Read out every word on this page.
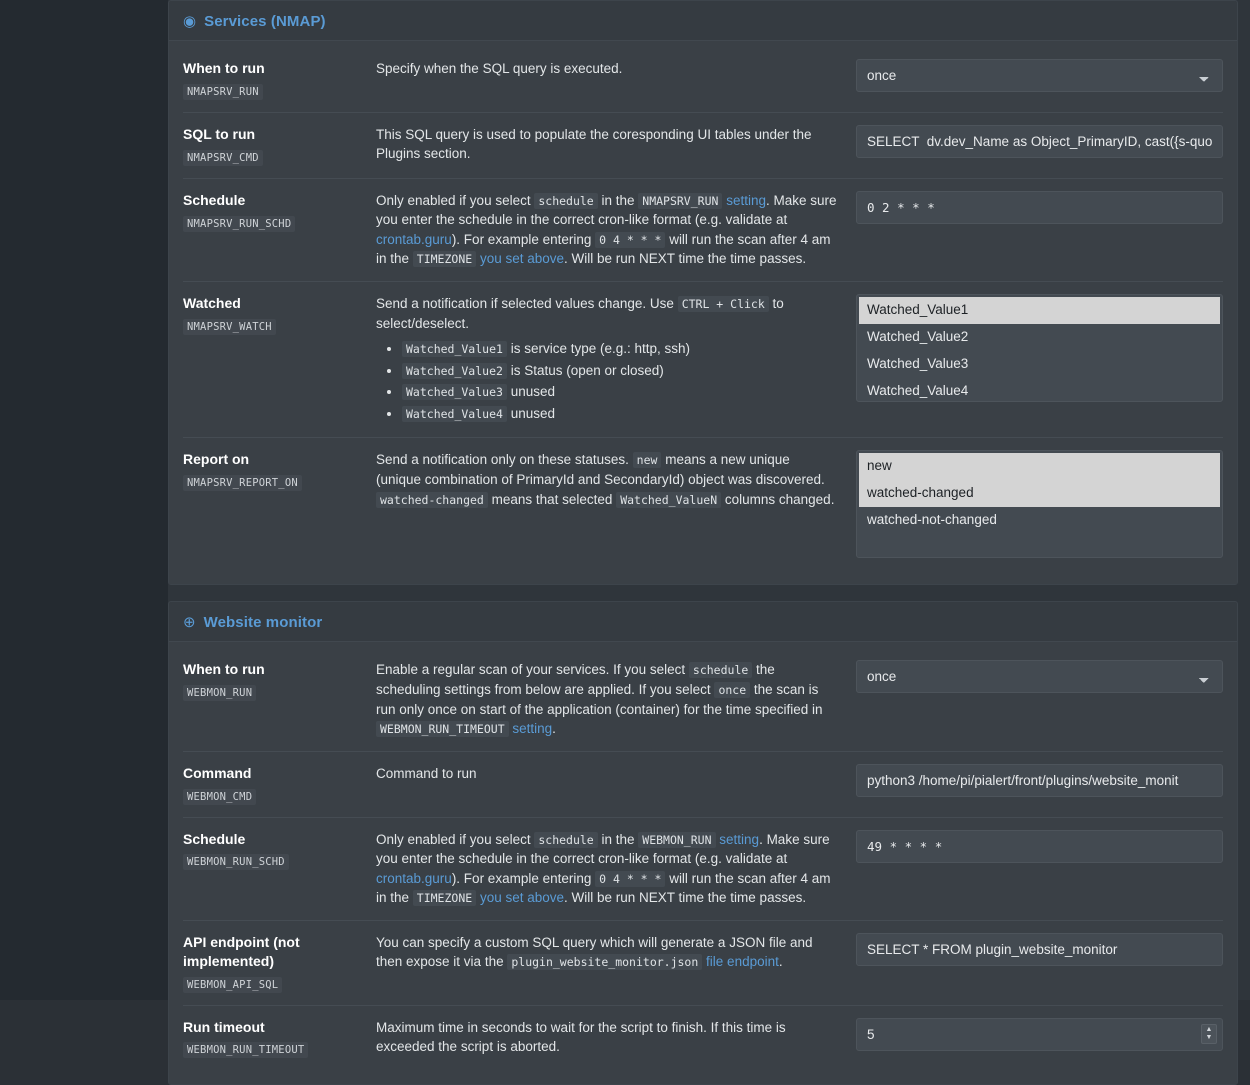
◉ Services (NMAP)
When to run
NMAPSRV_RUN
Specify when the SQL query is executed.
once
SQL to run
NMAPSRV_CMD
This SQL query is used to populate the coresponding UI tables under the Plugins section.
SELECT dv.dev_Name as Object_PrimaryID, cast({s-quo
Schedule
NMAPSRV_RUN_SCHD
Only enabled if you select schedule in the NMAPSRV_RUN setting. Make sure you enter the schedule in the correct cron-like format (e.g. validate at crontab.guru). For example entering 0 4 * * * will run the scan after 4 am in the TIMEZONE you set above. Will be run NEXT time the time passes.
0 2 * * *
Watched
NMAPSRV_WATCH
Send a notification if selected values change. Use CTRL + Click to select/deselect.
• Watched_Value1 is service type (e.g.: http, ssh)
• Watched_Value2 is Status (open or closed)
• Watched_Value3 unused
• Watched_Value4 unused
Watched_Value1
Watched_Value2
Watched_Value3
Watched_Value4
Report on
NMAPSRV_REPORT_ON
Send a notification only on these statuses. new means a new unique (unique combination of PrimaryId and SecondaryId) object was discovered. watched-changed means that selected Watched_ValueN columns changed.
new
watched-changed
watched-not-changed
⊕ Website monitor
When to run
WEBMON_RUN
Enable a regular scan of your services. If you select schedule the scheduling settings from below are applied. If you select once the scan is run only once on start of the application (container) for the time specified in WEBMON_RUN_TIMEOUT setting.
once
Command
WEBMON_CMD
Command to run
python3 /home/pi/pialert/front/plugins/website_monit
Schedule
WEBMON_RUN_SCHD
Only enabled if you select schedule in the WEBMON_RUN setting. Make sure you enter the schedule in the correct cron-like format (e.g. validate at crontab.guru). For example entering 0 4 * * * will run the scan after 4 am in the TIMEZONE you set above. Will be run NEXT time the time passes.
49 * * * *
API endpoint (not implemented)
WEBMON_API_SQL
You can specify a custom SQL query which will generate a JSON file and then expose it via the plugin_website_monitor.json file endpoint.
SELECT * FROM plugin_website_monitor
Run timeout
WEBMON_RUN_TIMEOUT
Maximum time in seconds to wait for the script to finish. If this time is exceeded the script is aborted.
5
▲
▼
